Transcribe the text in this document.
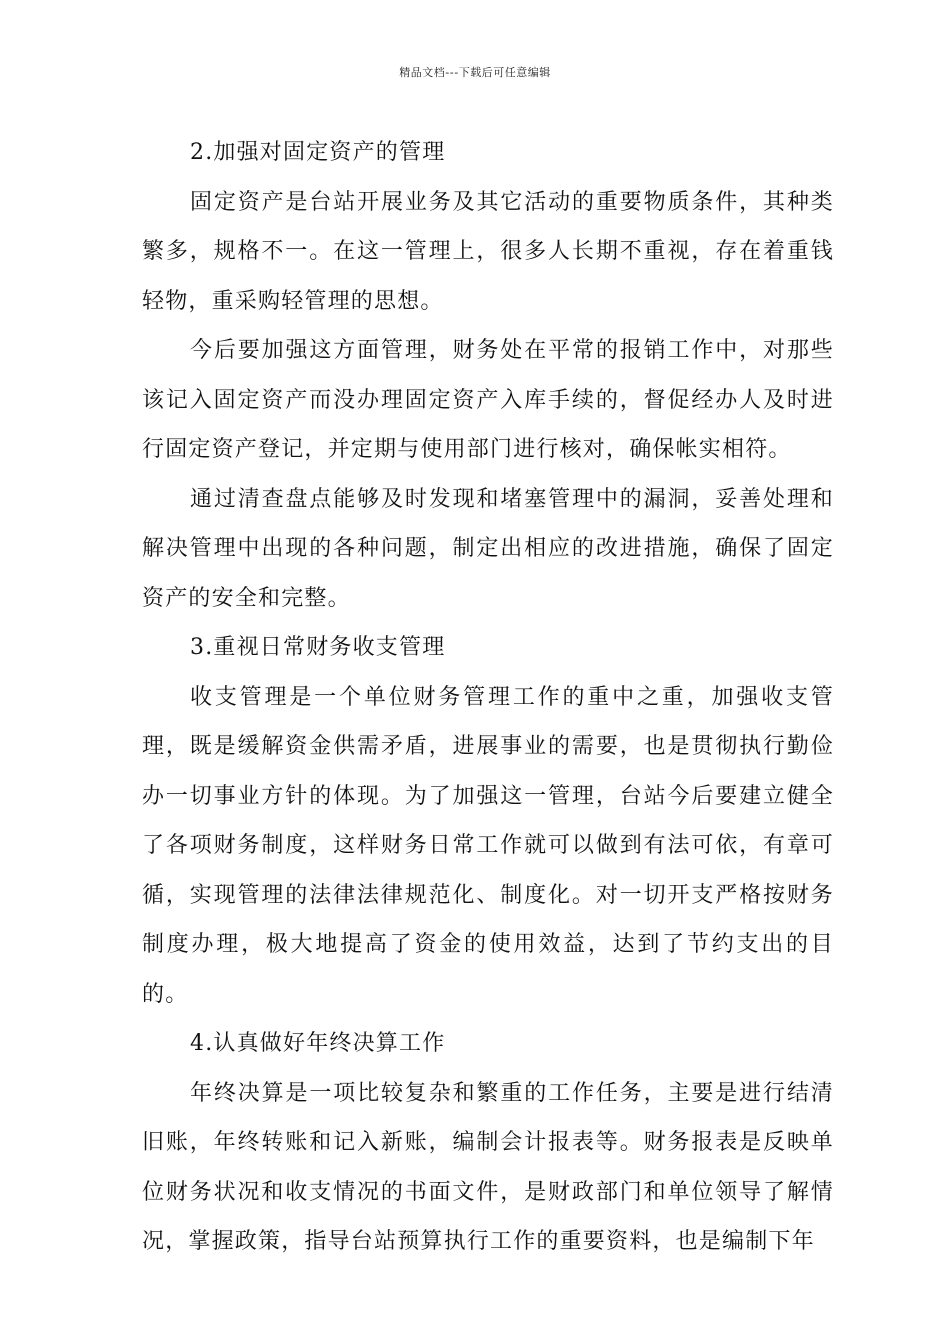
精品文档---下载后可任意编辑

2.加强对固定资产的管理

固定资产是台站开展业务及其它活动的重要物质条件，其种类繁多，规格不一。在这一管理上，很多人长期不重视，存在着重钱轻物，重采购轻管理的思想。

今后要加强这方面管理，财务处在平常的报销工作中，对那些该记入固定资产而没办理固定资产入库手续的，督促经办人及时进行固定资产登记，并定期与使用部门进行核对，确保帐实相符。

通过清查盘点能够及时发现和堵塞管理中的漏洞，妥善处理和解决管理中出现的各种问题，制定出相应的改进措施，确保了固定资产的安全和完整。

3.重视日常财务收支管理

收支管理是一个单位财务管理工作的重中之重，加强收支管理，既是缓解资金供需矛盾，进展事业的需要，也是贯彻执行勤俭办一切事业方针的体现。为了加强这一管理，台站今后要建立健全了各项财务制度，这样财务日常工作就可以做到有法可依，有章可循，实现管理的法律法律规范化、制度化。对一切开支严格按财务制度办理，极大地提高了资金的使用效益，达到了节约支出的目的。

4.认真做好年终决算工作

年终决算是一项比较复杂和繁重的工作任务，主要是进行结清旧账，年终转账和记入新账，编制会计报表等。财务报表是反映单位财务状况和收支情况的书面文件，是财政部门和单位领导了解情况，掌握政策，指导台站预算执行工作的重要资料，也是编制下年
